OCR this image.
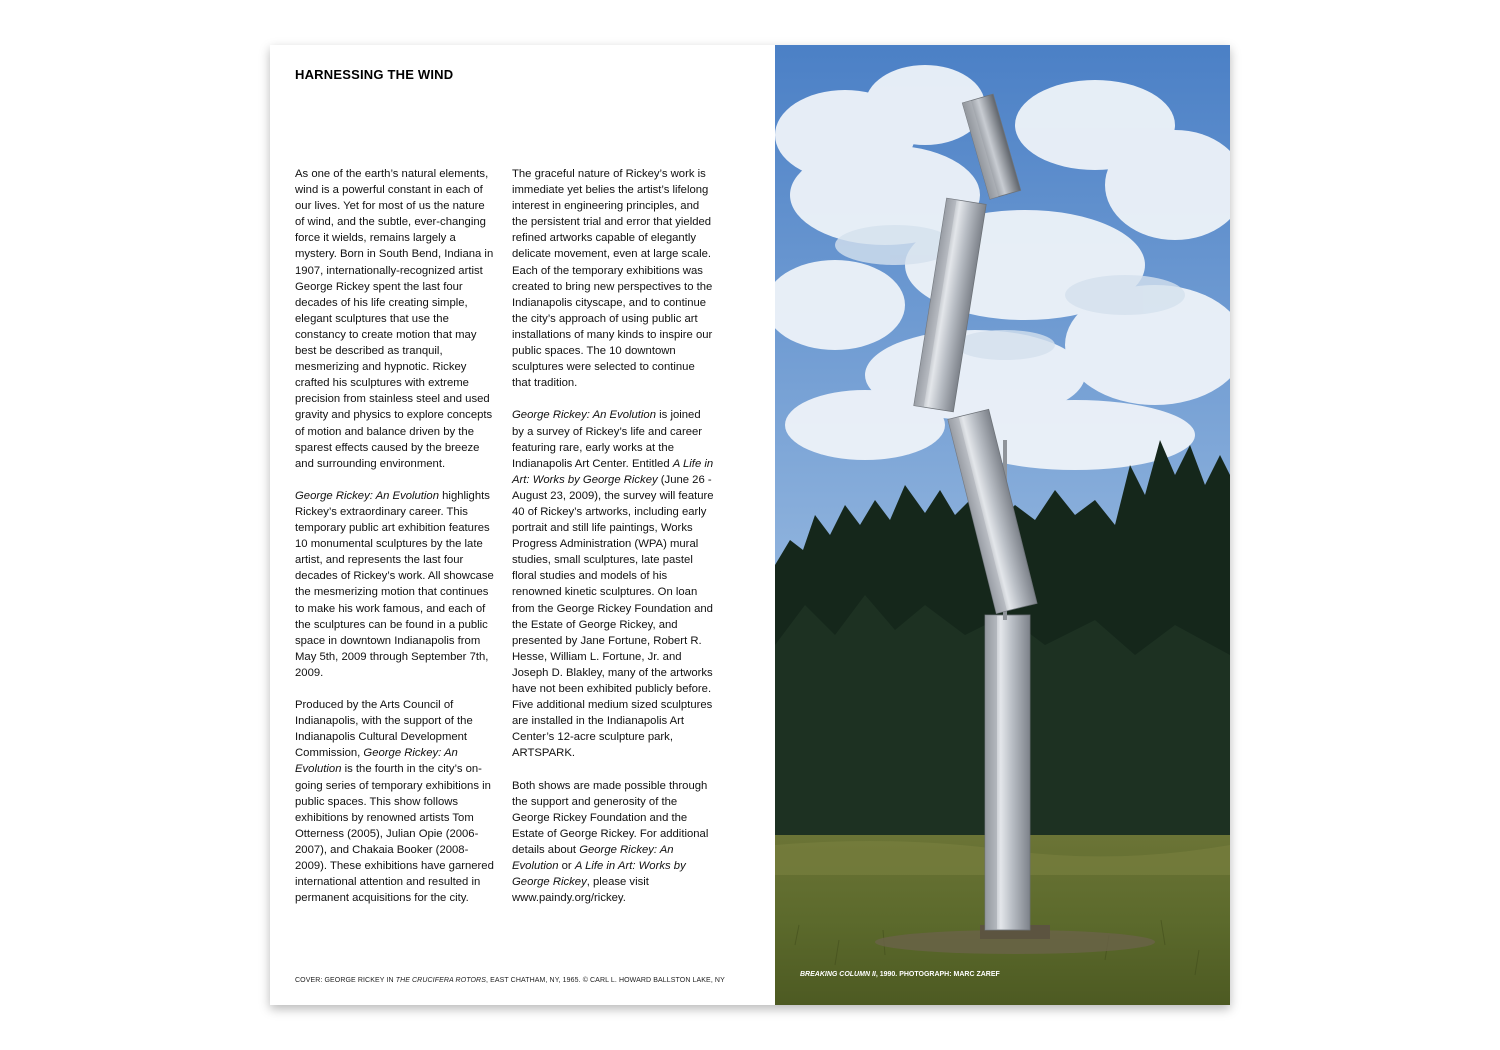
HARNESSING THE WIND

As one of the earth’s natural elements, wind is a powerful constant in each of our lives. Yet for most of us the nature of wind, and the subtle, ever-changing force it wields, remains largely a mystery. Born in South Bend, Indiana in 1907, internationally-recognized artist George Rickey spent the last four decades of his life creating simple, elegant sculptures that use the constancy to create motion that may best be described as tranquil, mesmerizing and hypnotic. Rickey crafted his sculptures with extreme precision from stainless steel and used gravity and physics to explore concepts of motion and balance driven by the sparest effects caused by the breeze and surrounding environment.

George Rickey: An Evolution highlights Rickey’s extraordinary career. This temporary public art exhibition features 10 monumental sculptures by the late artist, and represents the last four decades of Rickey’s work. All showcase the mesmerizing motion that continues to make his work famous, and each of the sculptures can be found in a public space in downtown Indianapolis from May 5th, 2009 through September 7th, 2009.

Produced by the Arts Council of Indianapolis, with the support of the Indianapolis Cultural Development Commission, George Rickey: An Evolution is the fourth in the city’s on-going series of temporary exhibitions in public spaces. This show follows exhibitions by renowned artists Tom Otterness (2005), Julian Opie (2006-2007), and Chakaia Booker (2008-2009). These exhibitions have garnered international attention and resulted in permanent acquisitions for the city.

The graceful nature of Rickey’s work is immediate yet belies the artist’s lifelong interest in engineering principles, and the persistent trial and error that yielded refined artworks capable of elegantly delicate movement, even at large scale. Each of the temporary exhibitions was created to bring new perspectives to the Indianapolis cityscape, and to continue the city’s approach of using public art installations of many kinds to inspire our public spaces. The 10 downtown sculptures were selected to continue that tradition.

George Rickey: An Evolution is joined by a survey of Rickey’s life and career featuring rare, early works at the Indianapolis Art Center. Entitled A Life in Art: Works by George Rickey (June 26 - August 23, 2009), the survey will feature 40 of Rickey’s artworks, including early portrait and still life paintings, Works Progress Administration (WPA) mural studies, small sculptures, late pastel floral studies and models of his renowned kinetic sculptures. On loan from the George Rickey Foundation and the Estate of George Rickey, and presented by Jane Fortune, Robert R. Hesse, William L. Fortune, Jr. and Joseph D. Blakley, many of the artworks have not been exhibited publicly before. Five additional medium sized sculptures are installed in the Indianapolis Art Center’s 12-acre sculpture park, ARTSPARK.

Both shows are made possible through the support and generosity of the George Rickey Foundation and the Estate of George Rickey. For additional details about George Rickey: An Evolution or A Life in Art: Works by George Rickey, please visit www.paindy.org/rickey.

COVER: GEORGE RICKEY IN THE CRUCIFERA ROTORS, EAST CHATHAM, NY, 1965. © CARL L. HOWARD BALLSTON LAKE, NY
BREAKING COLUMN II, 1990. PHOTOGRAPH: MARC ZAREF
